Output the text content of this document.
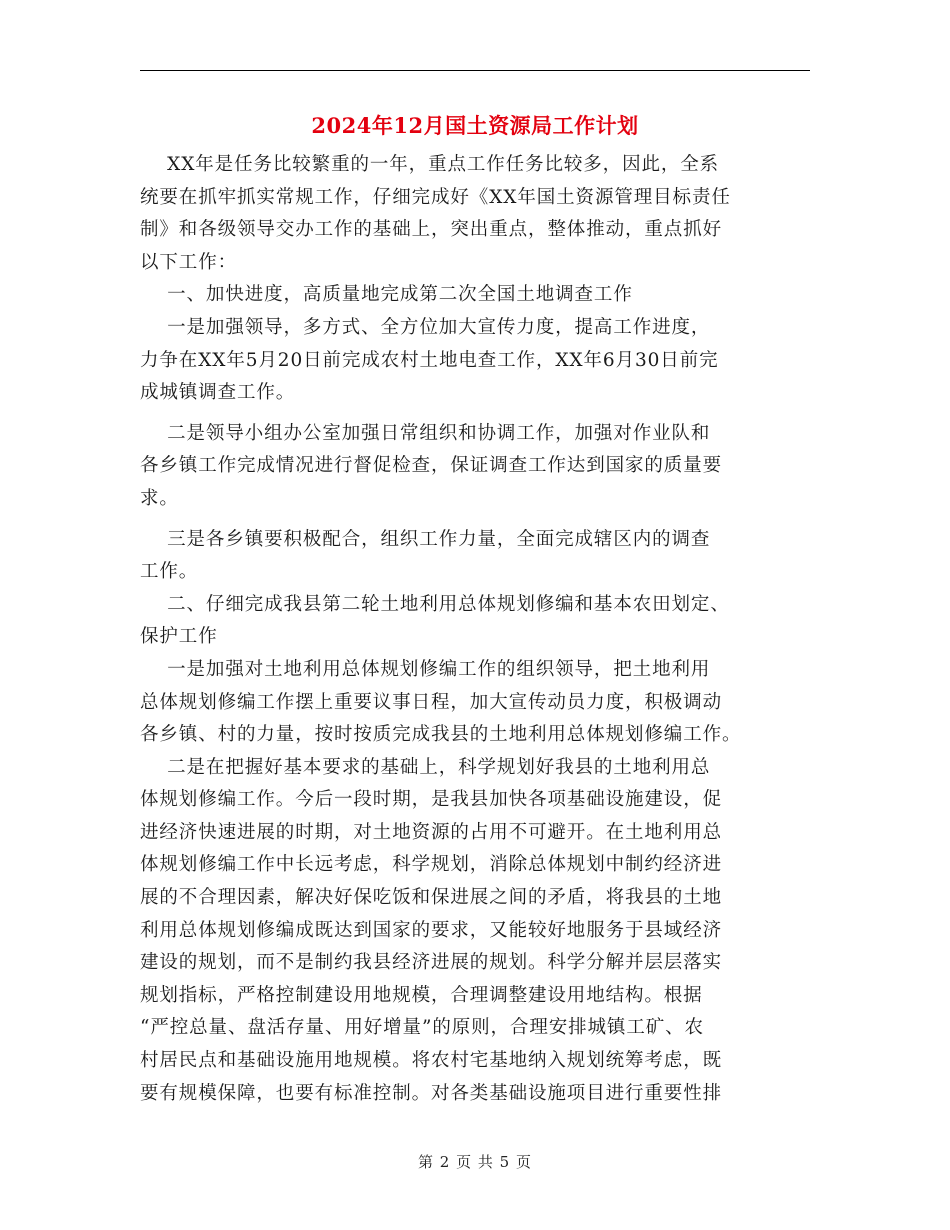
2024年12月国土资源局工作计划

XX年是任务比较繁重的一年，重点工作任务比较多，因此，全系
统要在抓牢抓实常规工作，仔细完成好《XX年国土资源管理目标责任
制》和各级领导交办工作的基础上，突出重点，整体推动，重点抓好
以下工作：

一、加快进度，高质量地完成第二次全国土地调查工作

一是加强领导，多方式、全方位加大宣传力度，提高工作进度，
力争在XX年5月20日前完成农村土地电查工作，XX年6月30日前完
成城镇调查工作。

二是领导小组办公室加强日常组织和协调工作，加强对作业队和
各乡镇工作完成情况进行督促检查，保证调查工作达到国家的质量要
求。

三是各乡镇要积极配合，组织工作力量，全面完成辖区内的调查
工作。

二、仔细完成我县第二轮土地利用总体规划修编和基本农田划定、
保护工作

一是加强对土地利用总体规划修编工作的组织领导，把土地利用
总体规划修编工作摆上重要议事日程，加大宣传动员力度，积极调动
各乡镇、村的力量，按时按质完成我县的土地利用总体规划修编工作。

二是在把握好基本要求的基础上，科学规划好我县的土地利用总
体规划修编工作。今后一段时期，是我县加快各项基础设施建设，促
进经济快速进展的时期，对土地资源的占用不可避开。在土地利用总
体规划修编工作中长远考虑，科学规划，消除总体规划中制约经济进
展的不合理因素，解决好保吃饭和保进展之间的矛盾，将我县的土地
利用总体规划修编成既达到国家的要求，又能较好地服务于县域经济
建设的规划，而不是制约我县经济进展的规划。科学分解并层层落实
规划指标，严格控制建设用地规模，合理调整建设用地结构。根据
“严控总量、盘活存量、用好增量”的原则，合理安排城镇工矿、农
村居民点和基础设施用地规模。将农村宅基地纳入规划统筹考虑，既
要有规模保障，也要有标准控制。对各类基础设施项目进行重要性排

第 2 页 共 5 页
